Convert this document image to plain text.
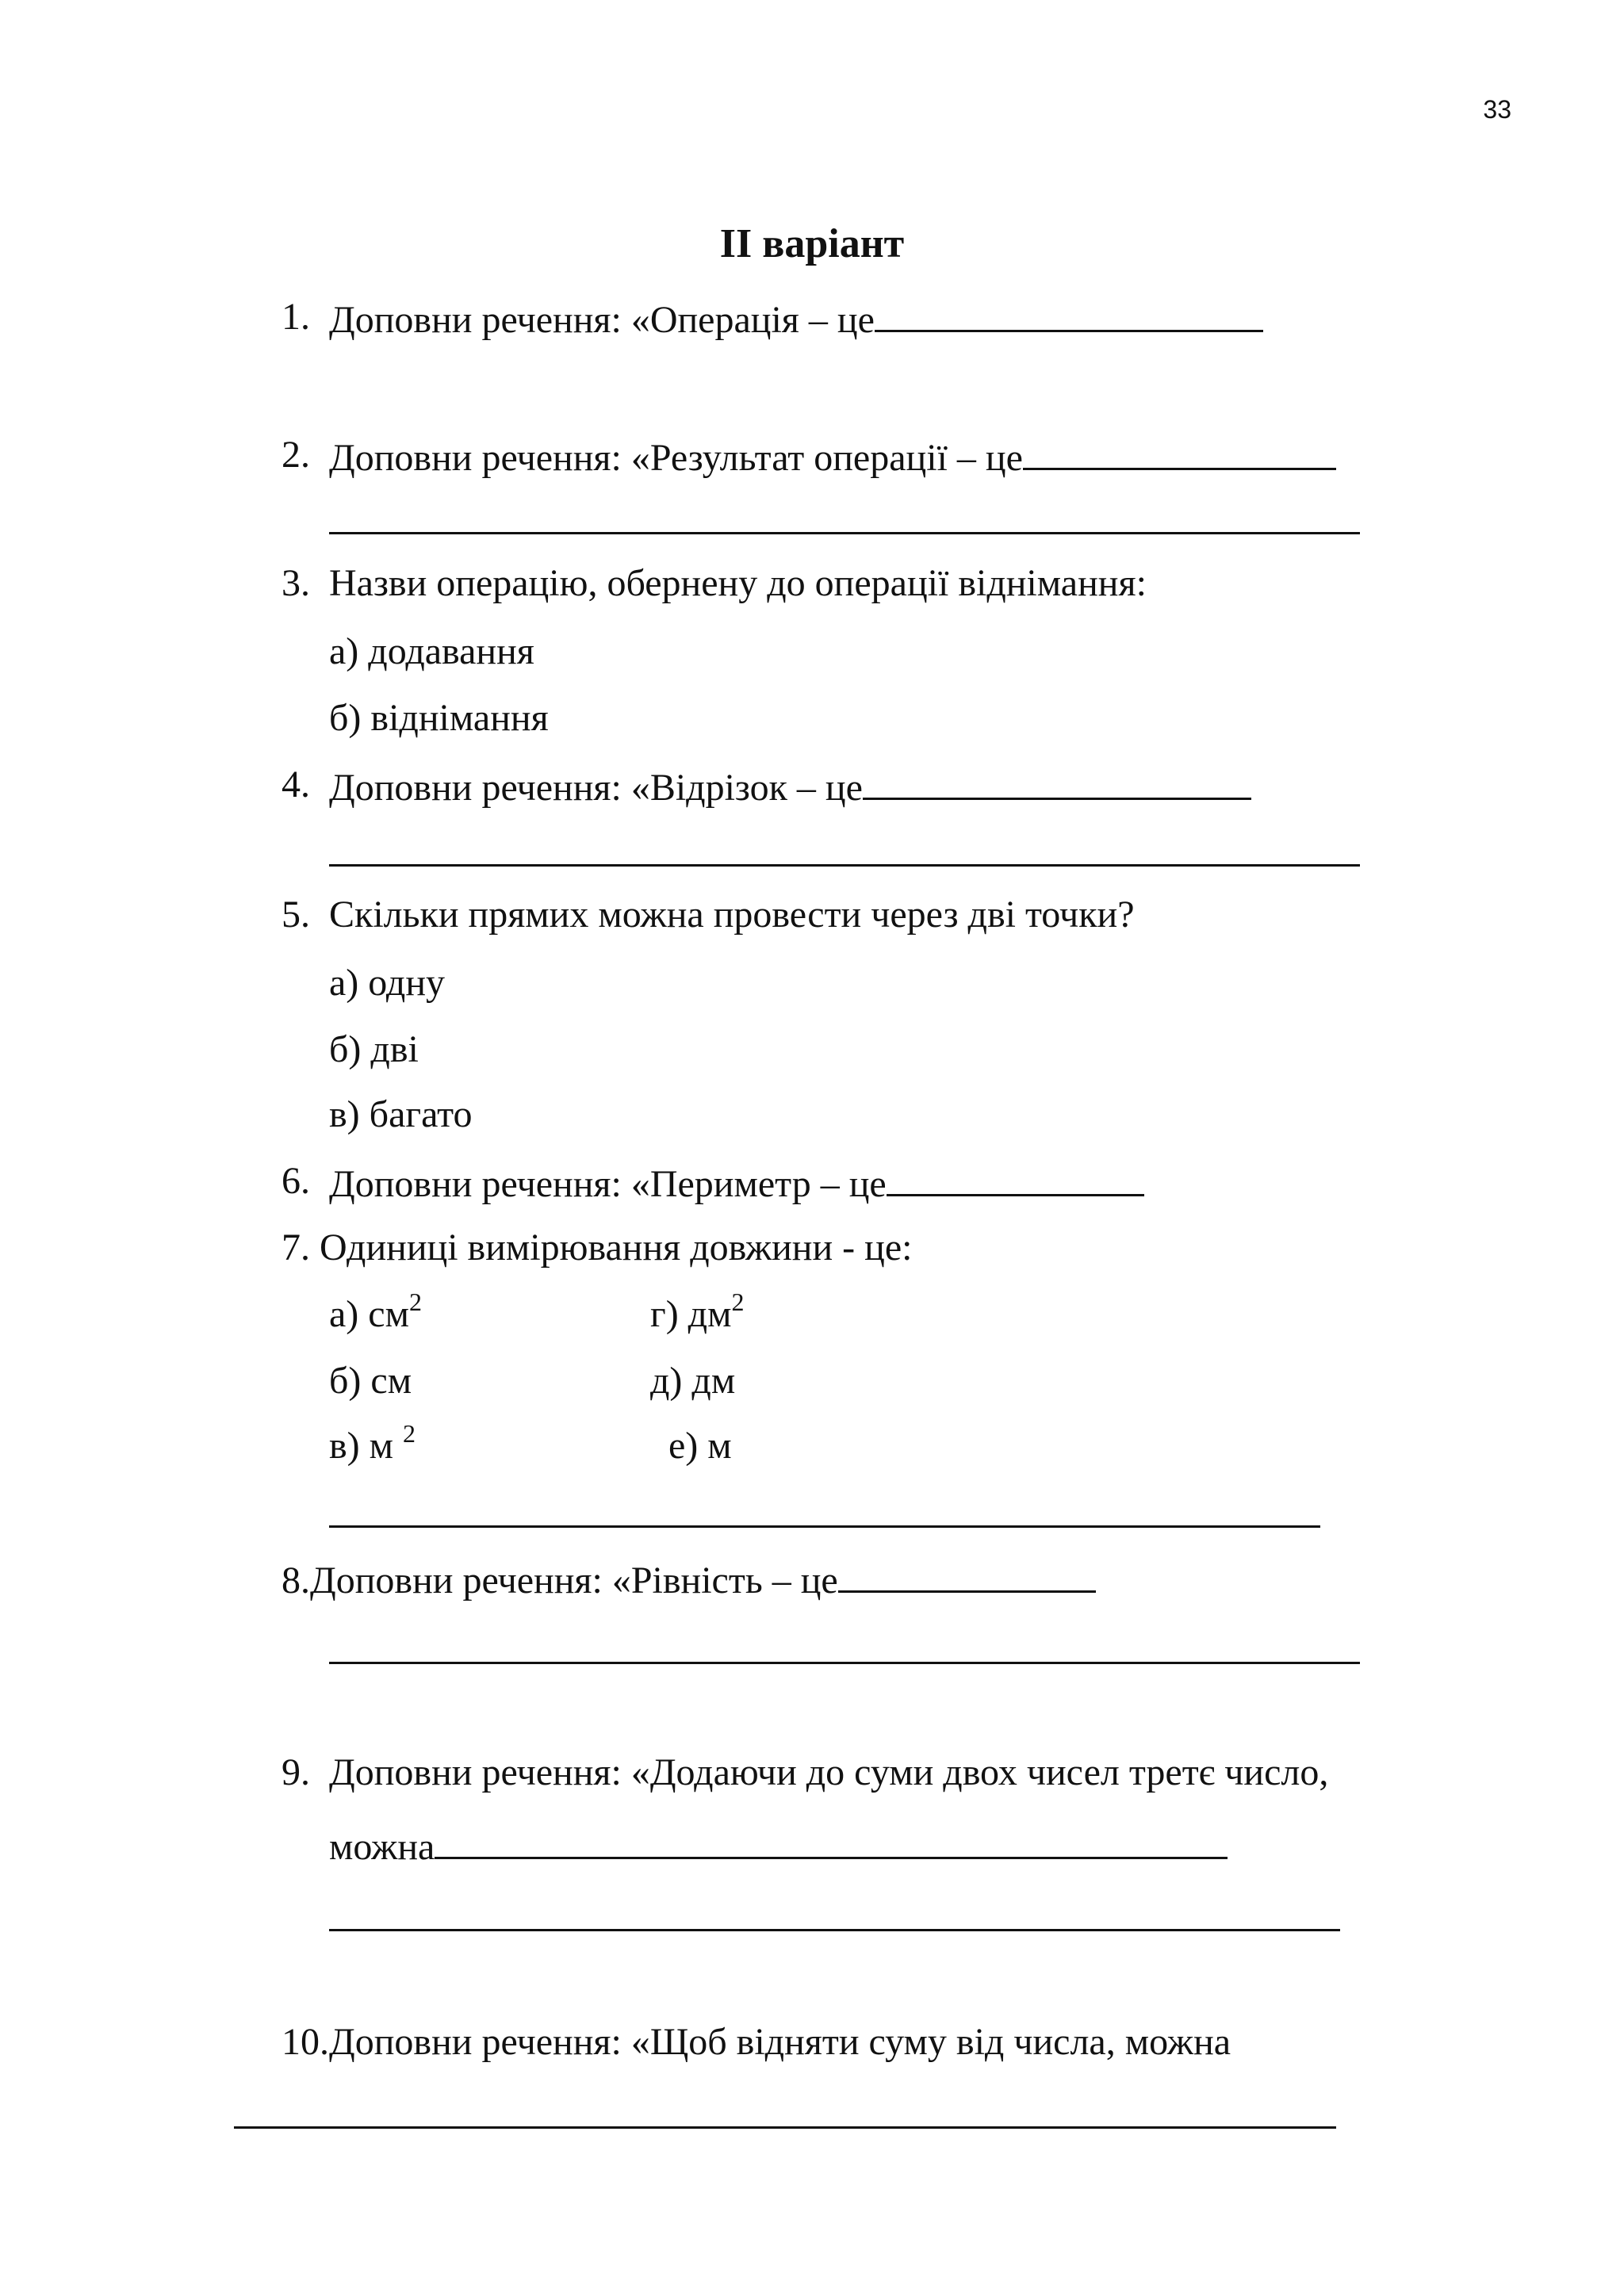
33
II варіант
1. Доповни речення: «Операція – це
2. Доповни речення: «Результат операції – це
3. Назви операцію, обернену до операції віднімання:
а) додавання
б) віднімання
4. Доповни речення: «Відрізок – це
5. Скільки прямих можна провести через дві точки?
а) одну
б) дві
в) багато
6. Доповни речення: «Периметр – це
7. Одиниці вимірювання довжини - це:
а) $см^2$
б) см
в) м $^2$
г) $дм^2$
д) дм
е) м
8.Доповни речення: «Рівність – це
9. Доповни речення: «Додаючи до суми двох чисел третє число,
можна
10.Доповни речення: «Щоб відняти суму від числа, можна
